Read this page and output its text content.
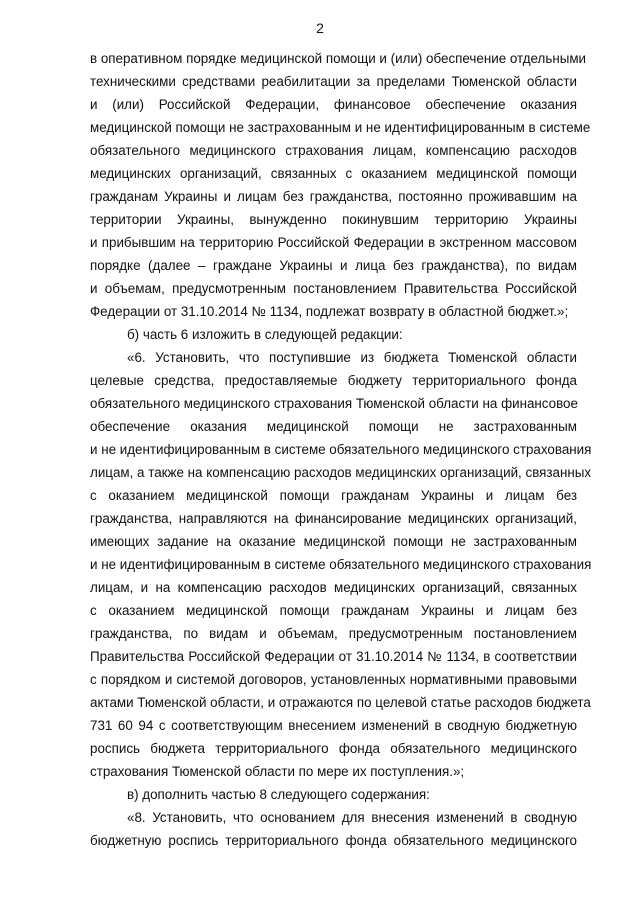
2
в оперативном порядке медицинской помощи и (или) обеспечение отдельными
техническими средствами реабилитации за пределами Тюменской области
и (или) Российской Федерации, финансовое обеспечение оказания
медицинской помощи не застрахованным и не идентифицированным в системе
обязательного медицинского страхования лицам, компенсацию расходов
медицинских организаций, связанных с оказанием медицинской помощи
гражданам Украины и лицам без гражданства, постоянно проживавшим на
территории Украины, вынужденно покинувшим территорию Украины
и прибывшим на территорию Российской Федерации в экстренном массовом
порядке (далее – граждане Украины и лица без гражданства), по видам
и объемам, предусмотренным постановлением Правительства Российской
Федерации от 31.10.2014 № 1134, подлежат возврату в областной бюджет.»;
б) часть 6 изложить в следующей редакции:
«6. Установить, что поступившие из бюджета Тюменской области
целевые средства, предоставляемые бюджету территориального фонда
обязательного медицинского страхования Тюменской области на финансовое
обеспечение оказания медицинской помощи не застрахованным
и не идентифицированным в системе обязательного медицинского страхования
лицам, а также на компенсацию расходов медицинских организаций, связанных
с оказанием медицинской помощи гражданам Украины и лицам без
гражданства, направляются на финансирование медицинских организаций,
имеющих задание на оказание медицинской помощи не застрахованным
и не идентифицированным в системе обязательного медицинского страхования
лицам, и на компенсацию расходов медицинских организаций, связанных
с оказанием медицинской помощи гражданам Украины и лицам без
гражданства, по видам и объемам, предусмотренным постановлением
Правительства Российской Федерации от 31.10.2014 № 1134, в соответствии
с порядком и системой договоров, установленных нормативными правовыми
актами Тюменской области, и отражаются по целевой статье расходов бюджета
731 60 94 с соответствующим внесением изменений в сводную бюджетную
роспись бюджета территориального фонда обязательного медицинского
страхования Тюменской области по мере их поступления.»;
в) дополнить частью 8 следующего содержания:
«8. Установить, что основанием для внесения изменений в сводную
бюджетную роспись территориального фонда обязательного медицинского
